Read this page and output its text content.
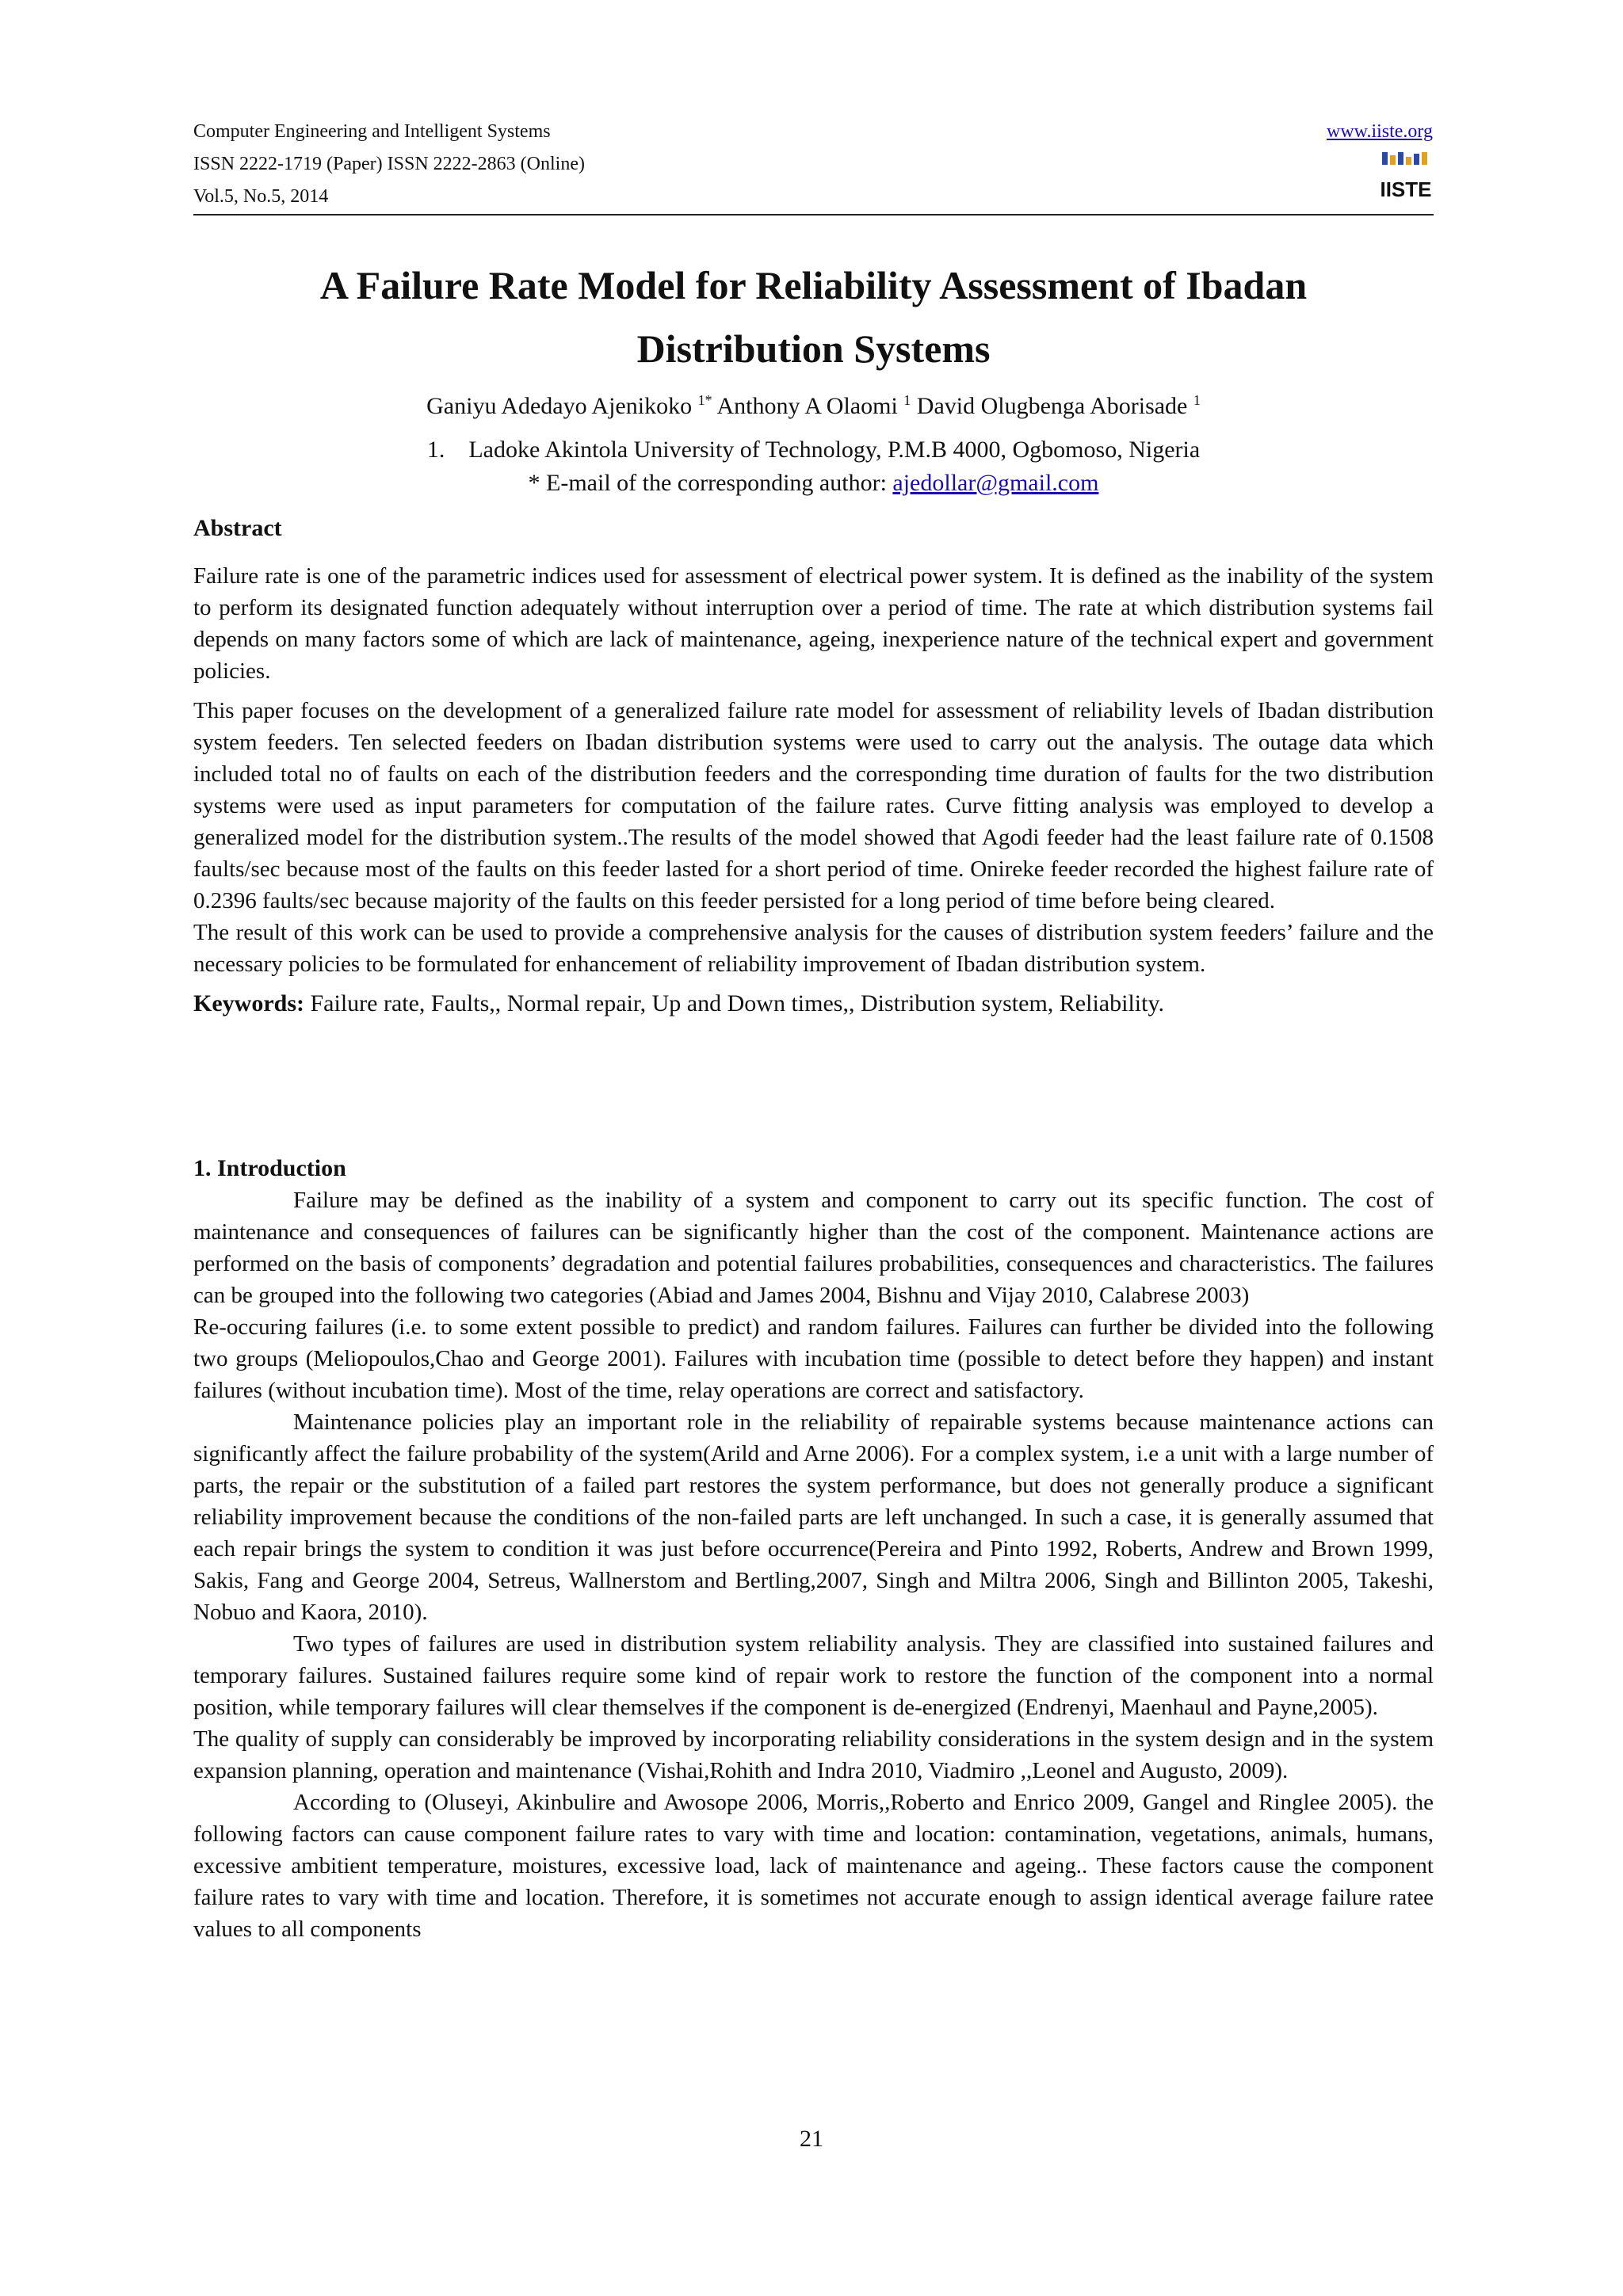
Computer Engineering and Intelligent Systems
ISSN 2222-1719 (Paper) ISSN 2222-2863 (Online)
Vol.5, No.5, 2014
www.iiste.org
IISTE
A Failure Rate Model for Reliability Assessment of Ibadan
Distribution Systems
Ganiyu Adedayo Ajenikoko $^{1*}$ Anthony A Olaomi $^1$ David Olugbenga Aborisade $^1$
1.    Ladoke Akintola University of Technology, P.M.B 4000, Ogbomoso, Nigeria
* E-mail of the corresponding author: ajedollar@gmail.com
Abstract

Failure rate is one of the parametric indices used for assessment of electrical power system. It is defined as the inability of the system to perform its designated function adequately without interruption over a period of time. The rate at which distribution systems fail depends on many factors some of which are lack of maintenance, ageing, inexperience nature of the technical expert and government policies.

This paper focuses on the development of a generalized failure rate model for assessment of reliability levels of Ibadan distribution system feeders. Ten selected feeders on Ibadan distribution systems were used to carry out the analysis. The outage data which included total no of faults on each of the distribution feeders and the corresponding time duration of faults for the two distribution systems were used as input parameters for computation of the failure rates. Curve fitting analysis was employed to develop a generalized model for the distribution system..The results of the model showed that Agodi feeder had the least failure rate of 0.1508 faults/sec because most of the faults on this feeder lasted for a short period of time. Onireke feeder recorded the highest failure rate of 0.2396 faults/sec because majority of the faults on this feeder persisted for a long period of time before being cleared.

The result of this work can be used to provide a comprehensive analysis for the causes of distribution system feeders’ failure and the necessary policies to be formulated for enhancement of reliability improvement of Ibadan distribution system.

Keywords: Failure rate, Faults,, Normal repair, Up and Down times,, Distribution system, Reliability.

1. Introduction

Failure may be defined as the inability of a system and component to carry out its specific function. The cost of maintenance and consequences of failures can be significantly higher than the cost of the component. Maintenance actions are performed on the basis of components’ degradation and potential failures probabilities, consequences and characteristics. The failures can be grouped into the following two categories (Abiad and James 2004, Bishnu and Vijay 2010, Calabrese 2003)

Re-occuring failures (i.e. to some extent possible to predict) and random failures. Failures can further be divided into the following two groups (Meliopoulos,Chao and George 2001). Failures with incubation time (possible to detect before they happen) and instant failures (without incubation time). Most of the time, relay operations are correct and satisfactory.

Maintenance policies play an important role in the reliability of repairable systems because maintenance actions can significantly affect the failure probability of the system(Arild and Arne 2006). For a complex system, i.e a unit with a large number of parts, the repair or the substitution of a failed part restores the system performance, but does not generally produce a significant reliability improvement because the conditions of the non-failed parts are left unchanged. In such a case, it is generally assumed that each repair brings the system to condition it was just before occurrence(Pereira and Pinto 1992, Roberts, Andrew and Brown 1999, Sakis, Fang and George 2004, Setreus, Wallnerstom and Bertling,2007, Singh and Miltra 2006, Singh and Billinton 2005, Takeshi, Nobuo and Kaora, 2010).

Two types of failures are used in distribution system reliability analysis. They are classified into sustained failures and temporary failures. Sustained failures require some kind of repair work to restore the function of the component into a normal position, while temporary failures will clear themselves if the component is de-energized (Endrenyi, Maenhaul and Payne,2005).

The quality of supply can considerably be improved by incorporating reliability considerations in the system design and in the system expansion planning, operation and maintenance (Vishai,Rohith and Indra 2010, Viadmiro ,,Leonel and Augusto, 2009).

According to (Oluseyi, Akinbulire and Awosope 2006, Morris,,Roberto and Enrico 2009, Gangel and Ringlee 2005). the following factors can cause component failure rates to vary with time and location: contamination, vegetations, animals, humans, excessive ambitient temperature, moistures, excessive load, lack of maintenance and ageing.. These factors cause the component failure rates to vary with time and location. Therefore, it is sometimes not accurate enough to assign identical average failure ratee values to all components

21
